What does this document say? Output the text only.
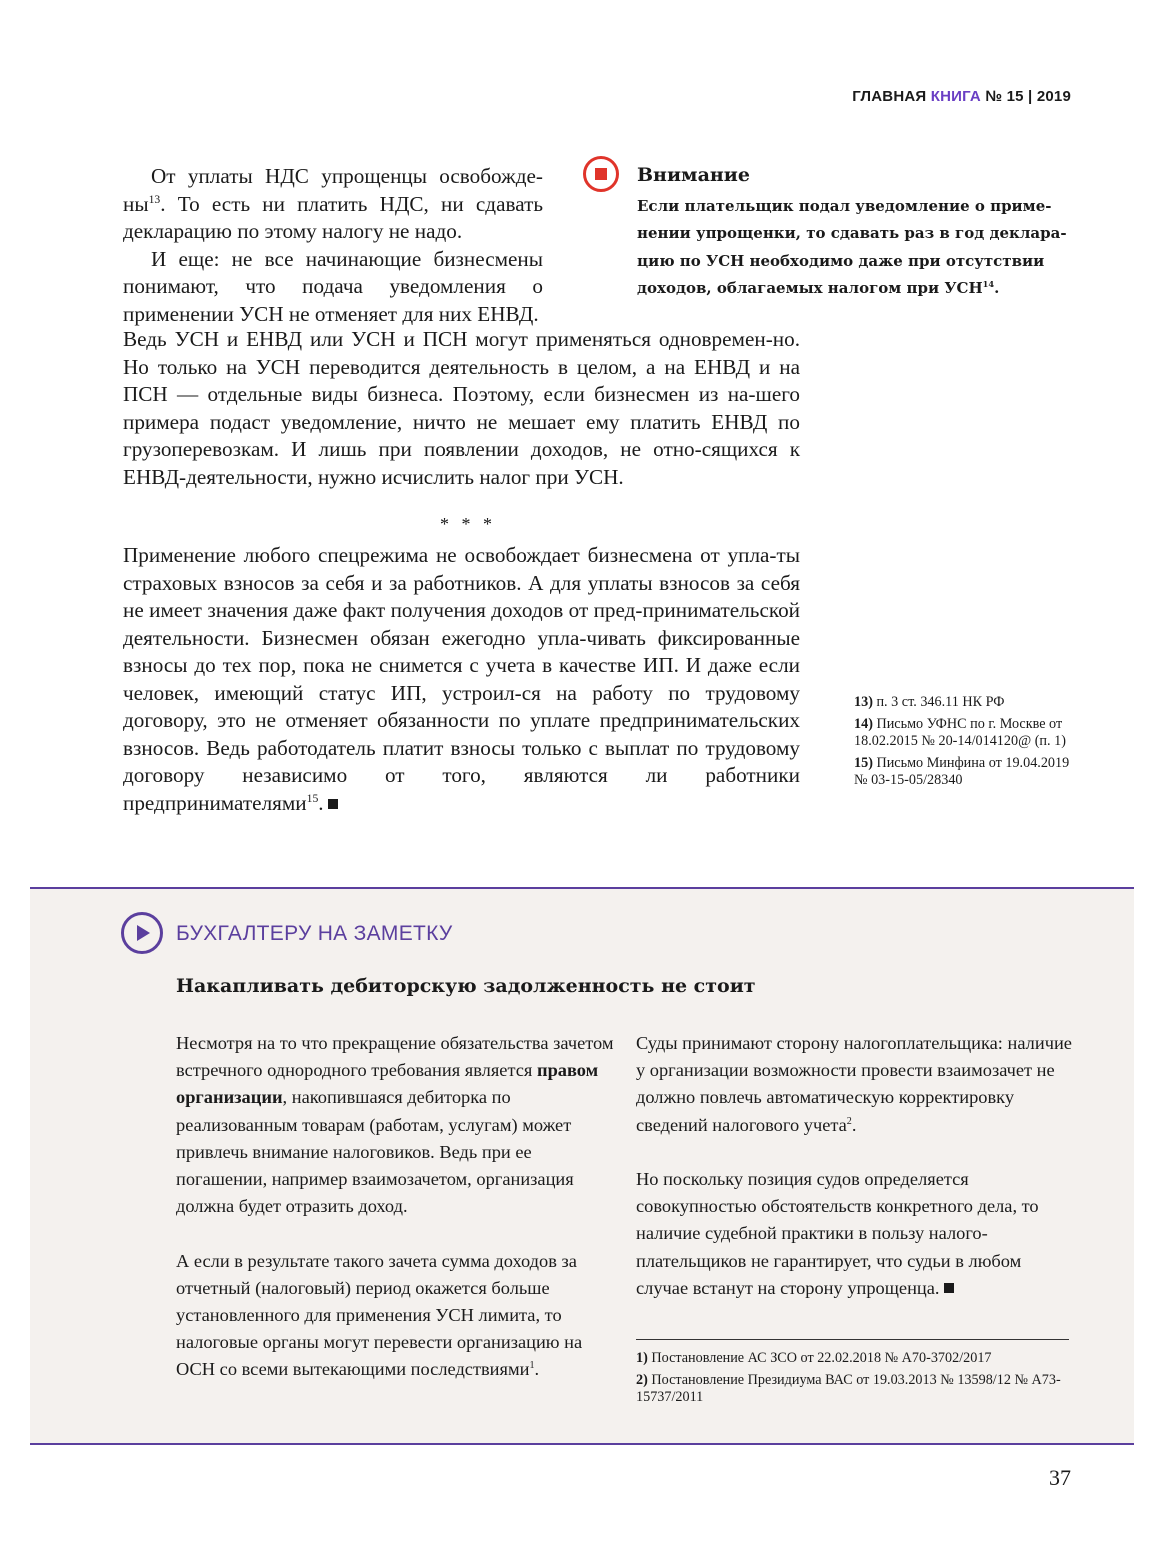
ГЛАВНАЯ КНИГА № 15 | 2019

От уплаты НДС упрощенцы освобожде-$ны^{13}$. То есть ни платить НДС, ни сдавать декларацию по этому налогу не надо.

И еще: не все начинающие бизнесмены понимают, что подача уведомления о применении УСН не отменяет для них ЕНВД.

Ведь УСН и ЕНВД или УСН и ПСН могут применяться одновремен-но. Но только на УСН переводится деятельность в целом, а на ЕНВД и на ПСН — отдельные виды бизнеса. Поэтому, если бизнесмен из на-шего примера подаст уведомление, ничто не мешает ему платить ЕНВД по грузоперевозкам. И лишь при появлении доходов, не отно-сящихся к ЕНВД-деятельности, нужно исчислить налог при УСН.

* * *

Применение любого спецрежима не освобождает бизнесмена от упла-ты страховых взносов за себя и за работников. А для уплаты взносов за себя не имеет значения даже факт получения доходов от пред-принимательской деятельности. Бизнесмен обязан ежегодно упла-чивать фиксированные взносы до тех пор, пока не снимется с учета в качестве ИП. И даже если человек, имеющий статус ИП, устроил-ся на работу по трудовому договору, это не отменяет обязанности по уплате предпринимательских взносов. Ведь работодатель платит взносы только с выплат по трудовому договору независимо от того, являются ли работники предпринимателями$^{15}$.

Внимание
Если плательщик подал уведомление о приме-нении упрощенки, то сдавать раз в год деклара-цию по УСН необходимо даже при отсутствии доходов, облагаемых налогом при УСН$^{14}$.
13) п. 3 ст. 346.11 НК РФ
14) Письмо УФНС по г. Москве от 18.02.2015 № 20-14/014120@ (п. 1)
15) Письмо Минфина от 19.04.2019 № 03-15-05/28340
БУХГАЛТЕРУ НА ЗАМЕТКУ
Накапливать дебиторскую задолженность не стоит

Несмотря на то что прекращение обязательства зачетом встречного однородного требования является правом организации, накопившаяся дебиторка по реализованным товарам (работам, услугам) может привлечь внимание налоговиков. Ведь при ее погашении, например взаимозачетом, организация должна будет отразить доход.

А если в результате такого зачета сумма доходов за отчетный (налоговый) период окажется больше установленного для применения УСН лимита, то налоговые органы могут перевести организацию на ОСН со всеми вытекающими последствиями$^1$.

Суды принимают сторону налогоплательщика: наличие у организации возможности провести взаимозачет не должно повлечь автоматическую корректировку сведений налогового учета$^2$.

Но поскольку позиция судов определяется совокупностью обстоятельств конкретного дела, то наличие судебной практики в пользу налого-плательщиков не гарантирует, что судьи в любом случае встанут на сторону упрощенца.

1) Постановление АС ЗСО от 22.02.2018 № А70-3702/2017
2) Постановление Президиума ВАС от 19.03.2013 № 13598/12 № А73-15737/2011
37
